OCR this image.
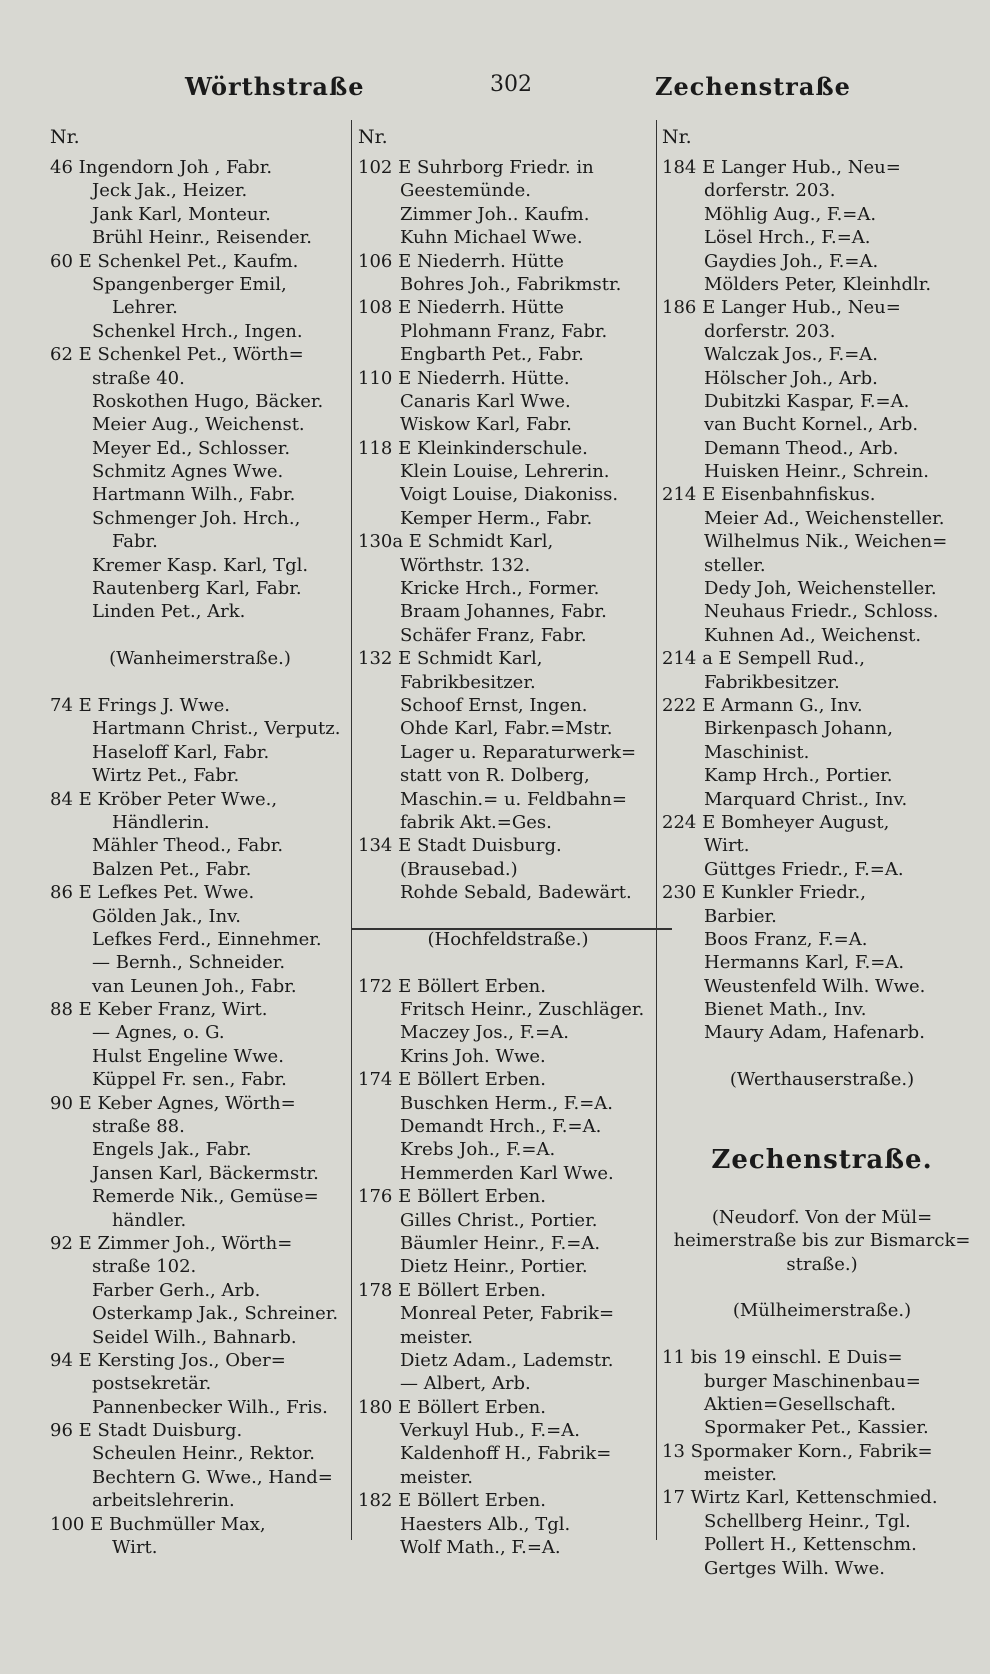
Wörthstraße	302	Zechenstraße
Nr.
46 Ingendorn Joh , Fabr.
Jeck Jak., Heizer.
Jank Karl, Monteur.
Brühl Heinr., Reisender.
60 E Schenkel Pet., Kaufm.
Spangenberger Emil,
Lehrer.
Schenkel Hrch., Ingen.
62 E Schenkel Pet., Wörth=
straße 40.
Roskothen Hugo, Bäcker.
Meier Aug., Weichenst.
Meyer Ed., Schlosser.
Schmitz Agnes Wwe.
Hartmann Wilh., Fabr.
Schmenger Joh. Hrch.,
Fabr.
Kremer Kasp. Karl, Tgl.
Rautenberg Karl, Fabr.
Linden Pet., Ark.
(Wanheimerstraße.)
74 E Frings J. Wwe.
Hartmann Christ., Verputz.
Haseloff Karl, Fabr.
Wirtz Pet., Fabr.
84 E Kröber Peter Wwe.,
Händlerin.
Mähler Theod., Fabr.
Balzen Pet., Fabr.
86 E Lefkes Pet. Wwe.
Gölden Jak., Inv.
Lefkes Ferd., Einnehmer.
— Bernh., Schneider.
van Leunen Joh., Fabr.
88 E Keber Franz, Wirt.
— Agnes, o. G.
Hulst Engeline Wwe.
Küppel Fr. sen., Fabr.
90 E Keber Agnes, Wörth=
straße 88.
Engels Jak., Fabr.
Jansen Karl, Bäckermstr.
Remerde Nik., Gemüse=
händler.
92 E Zimmer Joh., Wörth=
straße 102.
Farber Gerh., Arb.
Osterkamp Jak., Schreiner.
Seidel Wilh., Bahnarb.
94 E Kersting Jos., Ober=
postsekretär.
Pannenbecker Wilh., Fris.
96 E Stadt Duisburg.
Scheulen Heinr., Rektor.
Bechtern G. Wwe., Hand=
arbeitslehrerin.
100 E Buchmüller Max,
Wirt.
Nr.
102 E Suhrborg Friedr. in
Geestemünde.
Zimmer Joh.. Kaufm.
Kuhn Michael Wwe.
106 E Niederrh. Hütte
Bohres Joh., Fabrikmstr.
108 E Niederrh. Hütte
Plohmann Franz, Fabr.
Engbarth Pet., Fabr.
110 E Niederrh. Hütte.
Canaris Karl Wwe.
Wiskow Karl, Fabr.
118 E Kleinkinderschule.
Klein Louise, Lehrerin.
Voigt Louise, Diakoniss.
Kemper Herm., Fabr.
130a E Schmidt Karl,
Wörthstr. 132.
Kricke Hrch., Former.
Braam Johannes, Fabr.
Schäfer Franz, Fabr.
132 E Schmidt Karl,
Fabrikbesitzer.
Schoof Ernst, Ingen.
Ohde Karl, Fabr.=Mstr.
Lager u. Reparaturwerk=
statt von R. Dolberg,
Maschin.= u. Feldbahn=
fabrik Akt.=Ges.
134 E Stadt Duisburg.
(Brausebad.)
Rohde Sebald, Badewärt.
(Hochfeldstraße.)
172 E Böllert Erben.
Fritsch Heinr., Zuschläger.
Maczey Jos., F.=A.
Krins Joh. Wwe.
174 E Böllert Erben.
Buschken Herm., F.=A.
Demandt Hrch., F.=A.
Krebs Joh., F.=A.
Hemmerden Karl Wwe.
176 E Böllert Erben.
Gilles Christ., Portier.
Bäumler Heinr., F.=A.
Dietz Heinr., Portier.
178 E Böllert Erben.
Monreal Peter, Fabrik=
meister.
Dietz Adam., Lademstr.
— Albert, Arb.
180 E Böllert Erben.
Verkuyl Hub., F.=A.
Kaldenhoff H., Fabrik=
meister.
182 E Böllert Erben.
Haesters Alb., Tgl.
Wolf Math., F.=A.
Nr.
184 E Langer Hub., Neu=
dorferstr. 203.
Möhlig Aug., F.=A.
Lösel Hrch., F.=A.
Gaydies Joh., F.=A.
Mölders Peter, Kleinhdlr.
186 E Langer Hub., Neu=
dorferstr. 203.
Walczak Jos., F.=A.
Hölscher Joh., Arb.
Dubitzki Kaspar, F.=A.
van Bucht Kornel., Arb.
Demann Theod., Arb.
Huisken Heinr., Schrein.
214 E Eisenbahnfiskus.
Meier Ad., Weichensteller.
Wilhelmus Nik., Weichen=
steller.
Dedy Joh, Weichensteller.
Neuhaus Friedr., Schloss.
Kuhnen Ad., Weichenst.
214 a E Sempell Rud.,
Fabrikbesitzer.
222 E Armann G., Inv.
Birkenpasch Johann,
Maschinist.
Kamp Hrch., Portier.
Marquard Christ., Inv.
224 E Bomheyer August,
Wirt.
Güttges Friedr., F.=A.
230 E Kunkler Friedr.,
Barbier.
Boos Franz, F.=A.
Hermanns Karl, F.=A.
Weustenfeld Wilh. Wwe.
Bienet Math., Inv.
Maury Adam, Hafenarb.
(Werthauserstraße.)
Zechenstraße.
(Neudorf. Von der Mül=
heimerstraße bis zur Bismarck=
straße.)
(Mülheimerstraße.)
11 bis 19 einschl. E Duis=
burger Maschinenbau=
Aktien=Gesellschaft.
Spormaker Pet., Kassier.
13 Spormaker Korn., Fabrik=
meister.
17 Wirtz Karl, Kettenschmied.
Schellberg Heinr., Tgl.
Pollert H., Kettenschm.
Gertges Wilh. Wwe.
